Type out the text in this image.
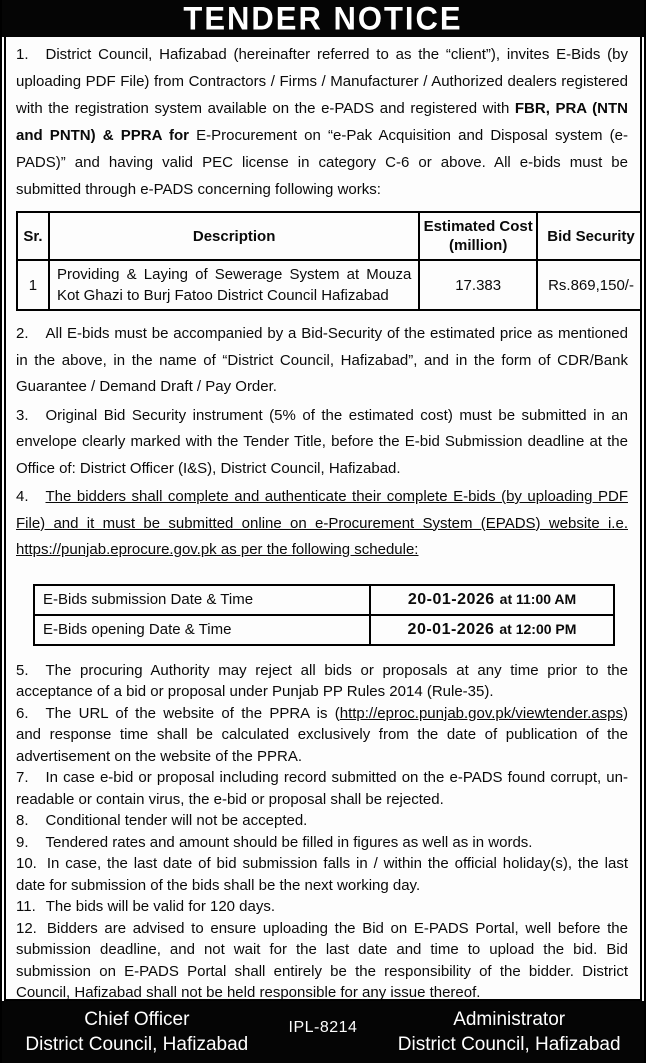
TENDER NOTICE
1. District Council, Hafizabad (hereinafter referred to as the “client”), invites E-Bids (by uploading PDF File) from Contractors / Firms / Manufacturer / Authorized dealers registered with the registration system available on the e-PADS and registered with FBR, PRA (NTN and PNTN) & PPRA for E-Procurement on “e-Pak Acquisition and Disposal system (e-PADS)” and having valid PEC license in category C-6 or above. All e-bids must be submitted through e-PADS concerning following works:
Sr.	Description	Estimated Cost (million)	Bid Security
1	Providing & Laying of Sewerage System at Mouza Kot Ghazi to Burj Fatoo District Council Hafizabad	17.383	Rs.869,150/-
2. All E-bids must be accompanied by a Bid-Security of the estimated price as mentioned in the above, in the name of “District Council, Hafizabad”, and in the form of CDR/Bank Guarantee / Demand Draft / Pay Order.
3. Original Bid Security instrument (5% of the estimated cost) must be submitted in an envelope clearly marked with the Tender Title, before the E-bid Submission deadline at the Office of: District Officer (I&S), District Council, Hafizabad.
4. The bidders shall complete and authenticate their complete E-bids (by uploading PDF File) and it must be submitted online on e-Procurement System (EPADS) website i.e. https://punjab.eprocure.gov.pk as per the following schedule:
E-Bids submission Date & Time	20-01-2026 at 11:00 AM
E-Bids opening Date & Time	20-01-2026 at 12:00 PM
5. The procuring Authority may reject all bids or proposals at any time prior to the acceptance of a bid or proposal under Punjab PP Rules 2014 (Rule-35).
6. The URL of the website of the PPRA is (http://eproc.punjab.gov.pk/viewtender.asps) and response time shall be calculated exclusively from the date of publication of the advertisement on the website of the PPRA.
7. In case e-bid or proposal including record submitted on the e-PADS found corrupt, un-readable or contain virus, the e-bid or proposal shall be rejected.
8. Conditional tender will not be accepted.
9. Tendered rates and amount should be filled in figures as well as in words.
10. In case, the last date of bid submission falls in / within the official holiday(s), the last date for submission of the bids shall be the next working day.
11. The bids will be valid for 120 days.
12. Bidders are advised to ensure uploading the Bid on E-PADS Portal, well before the submission deadline, and not wait for the last date and time to upload the bid. Bid submission on E-PADS Portal shall entirely be the responsibility of the bidder. District Council, Hafizabad shall not be held responsible for any issue thereof.
Chief Officer
District Council, Hafizabad
IPL-8214	Administrator
District Council, Hafizabad
